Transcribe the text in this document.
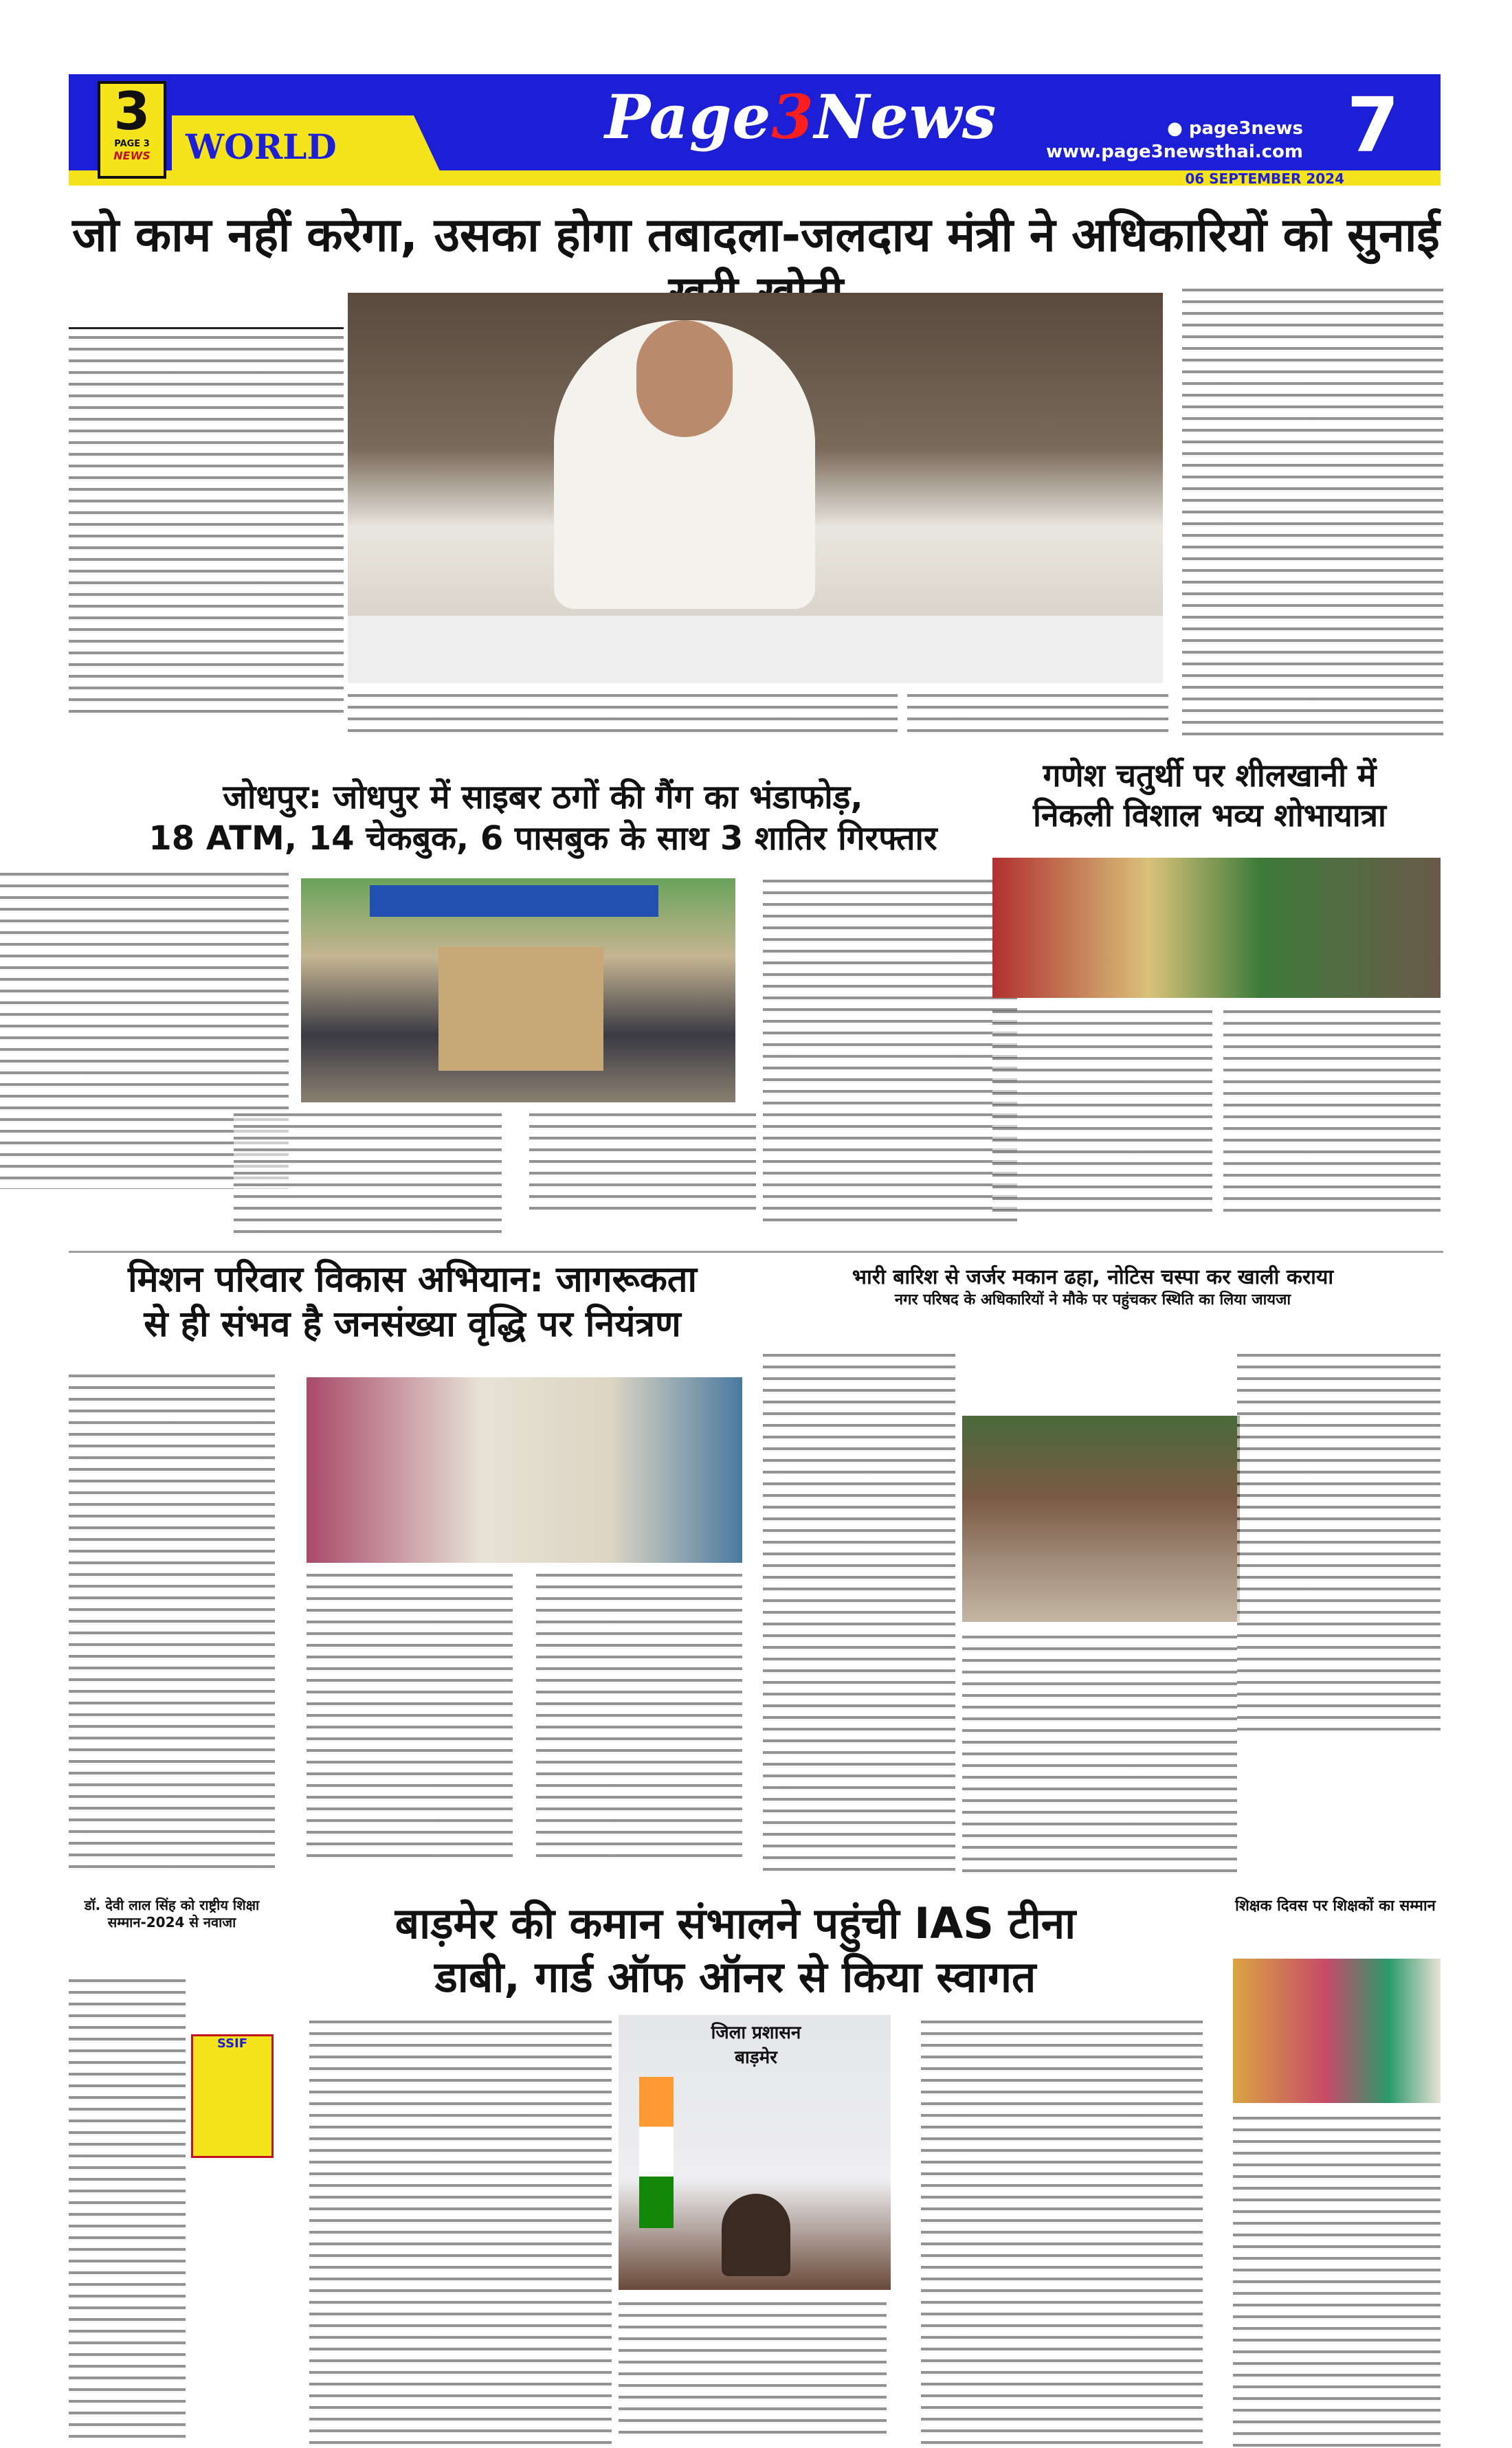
3
PAGE 3
NEWS	WORLD	Page3News	● page3news
www.page3newsthai.com
06 SEPTEMBER 2024
7
जो काम नहीं करेगा, उसका होगा तबादला-जलदाय मंत्री ने अधिकारियों को सुनाई
जोधपुर: जोधपुर में साइबर ठगों की गैंग का भंडाफोड़,
18 ATM, 14 चेकबुक, 6 पासबुक के साथ 3 शातिर गिरफ्तार
गणेश चतुर्थी पर शीलखानी में
निकली विशाल भव्य शोभायात्रा
मिशन परिवार विकास अभियान: जागरूकता
से ही संभव है जनसंख्या वृद्धि पर नियंत्रण
भारी बारिश से जर्जर मकान ढहा, नोटिस चस्पा कर खाली कराया
नगर परिषद के अधिकारियों ने मौके पर पहुंचकर स्थिति का लिया जायजा
डॉ. देवी लाल सिंह को राष्ट्रीय शिक्षा सम्मान-2024 से नवाजा
SSIF
बाड़मेर की कमान संभालने पहुंची IAS टीना
डाबी, गार्ड ऑफ ऑनर से किया स्वागत
जिला प्रशासन
बाड़मेर
शिक्षक दिवस पर शिक्षकों का सम्मान
